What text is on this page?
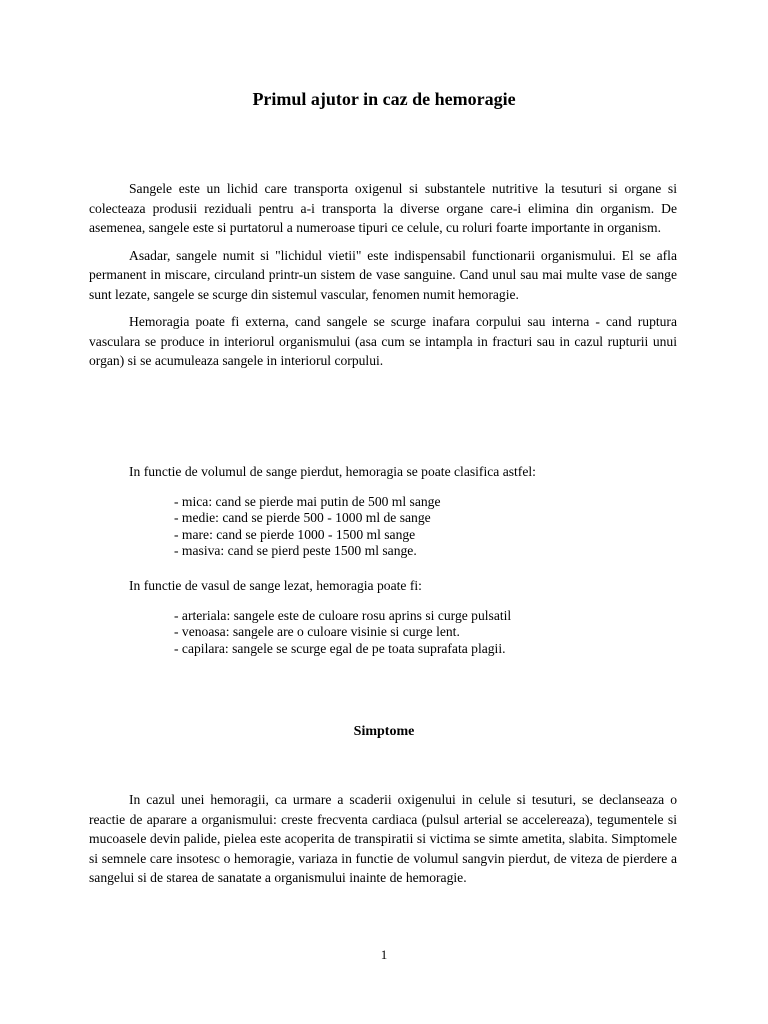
Primul ajutor in caz de hemoragie

Sangele este un lichid care transporta oxigenul si substantele nutritive la tesuturi si organe si colecteaza produsii reziduali pentru a-i transporta la diverse organe care-i elimina din organism. De asemenea, sangele este si purtatorul a numeroase tipuri ce celule, cu roluri foarte importante in organism.

Asadar, sangele numit si "lichidul vietii" este indispensabil functionarii organismului. El se afla permanent in miscare, circuland printr-un sistem de vase sanguine. Cand unul sau mai multe vase de sange sunt lezate, sangele se scurge din sistemul vascular, fenomen numit hemoragie.

Hemoragia poate fi externa, cand sangele se scurge inafara corpului sau interna - cand ruptura vasculara se produce in interiorul organismului (asa cum se intampla in fracturi sau in cazul rupturii unui organ) si se acumuleaza sangele in interiorul corpului.

In functie de volumul de sange pierdut, hemoragia se poate clasifica astfel:

- mica: cand se pierde mai putin de 500 ml sange
- medie: cand se pierde 500 - 1000 ml de sange
- mare: cand se pierde 1000 - 1500 ml sange
- masiva: cand se pierd peste 1500 ml sange.

In functie de vasul de sange lezat, hemoragia poate fi:

- arteriala: sangele este de culoare rosu aprins si curge pulsatil
- venoasa: sangele are o culoare visinie si curge lent.
- capilara: sangele se scurge egal de pe toata suprafata plagii.
Simptome

In cazul unei hemoragii, ca urmare a scaderii oxigenului in celule si tesuturi, se declanseaza o reactie de aparare a organismului: creste frecventa cardiaca (pulsul arterial se accelereaza), tegumentele si mucoasele devin palide, pielea este acoperita de transpiratii si victima se simte ametita, slabita. Simptomele si semnele care insotesc o hemoragie, variaza in functie de volumul sangvin pierdut, de viteza de pierdere a sangelui si de starea de sanatate a organismului inainte de hemoragie.

1
